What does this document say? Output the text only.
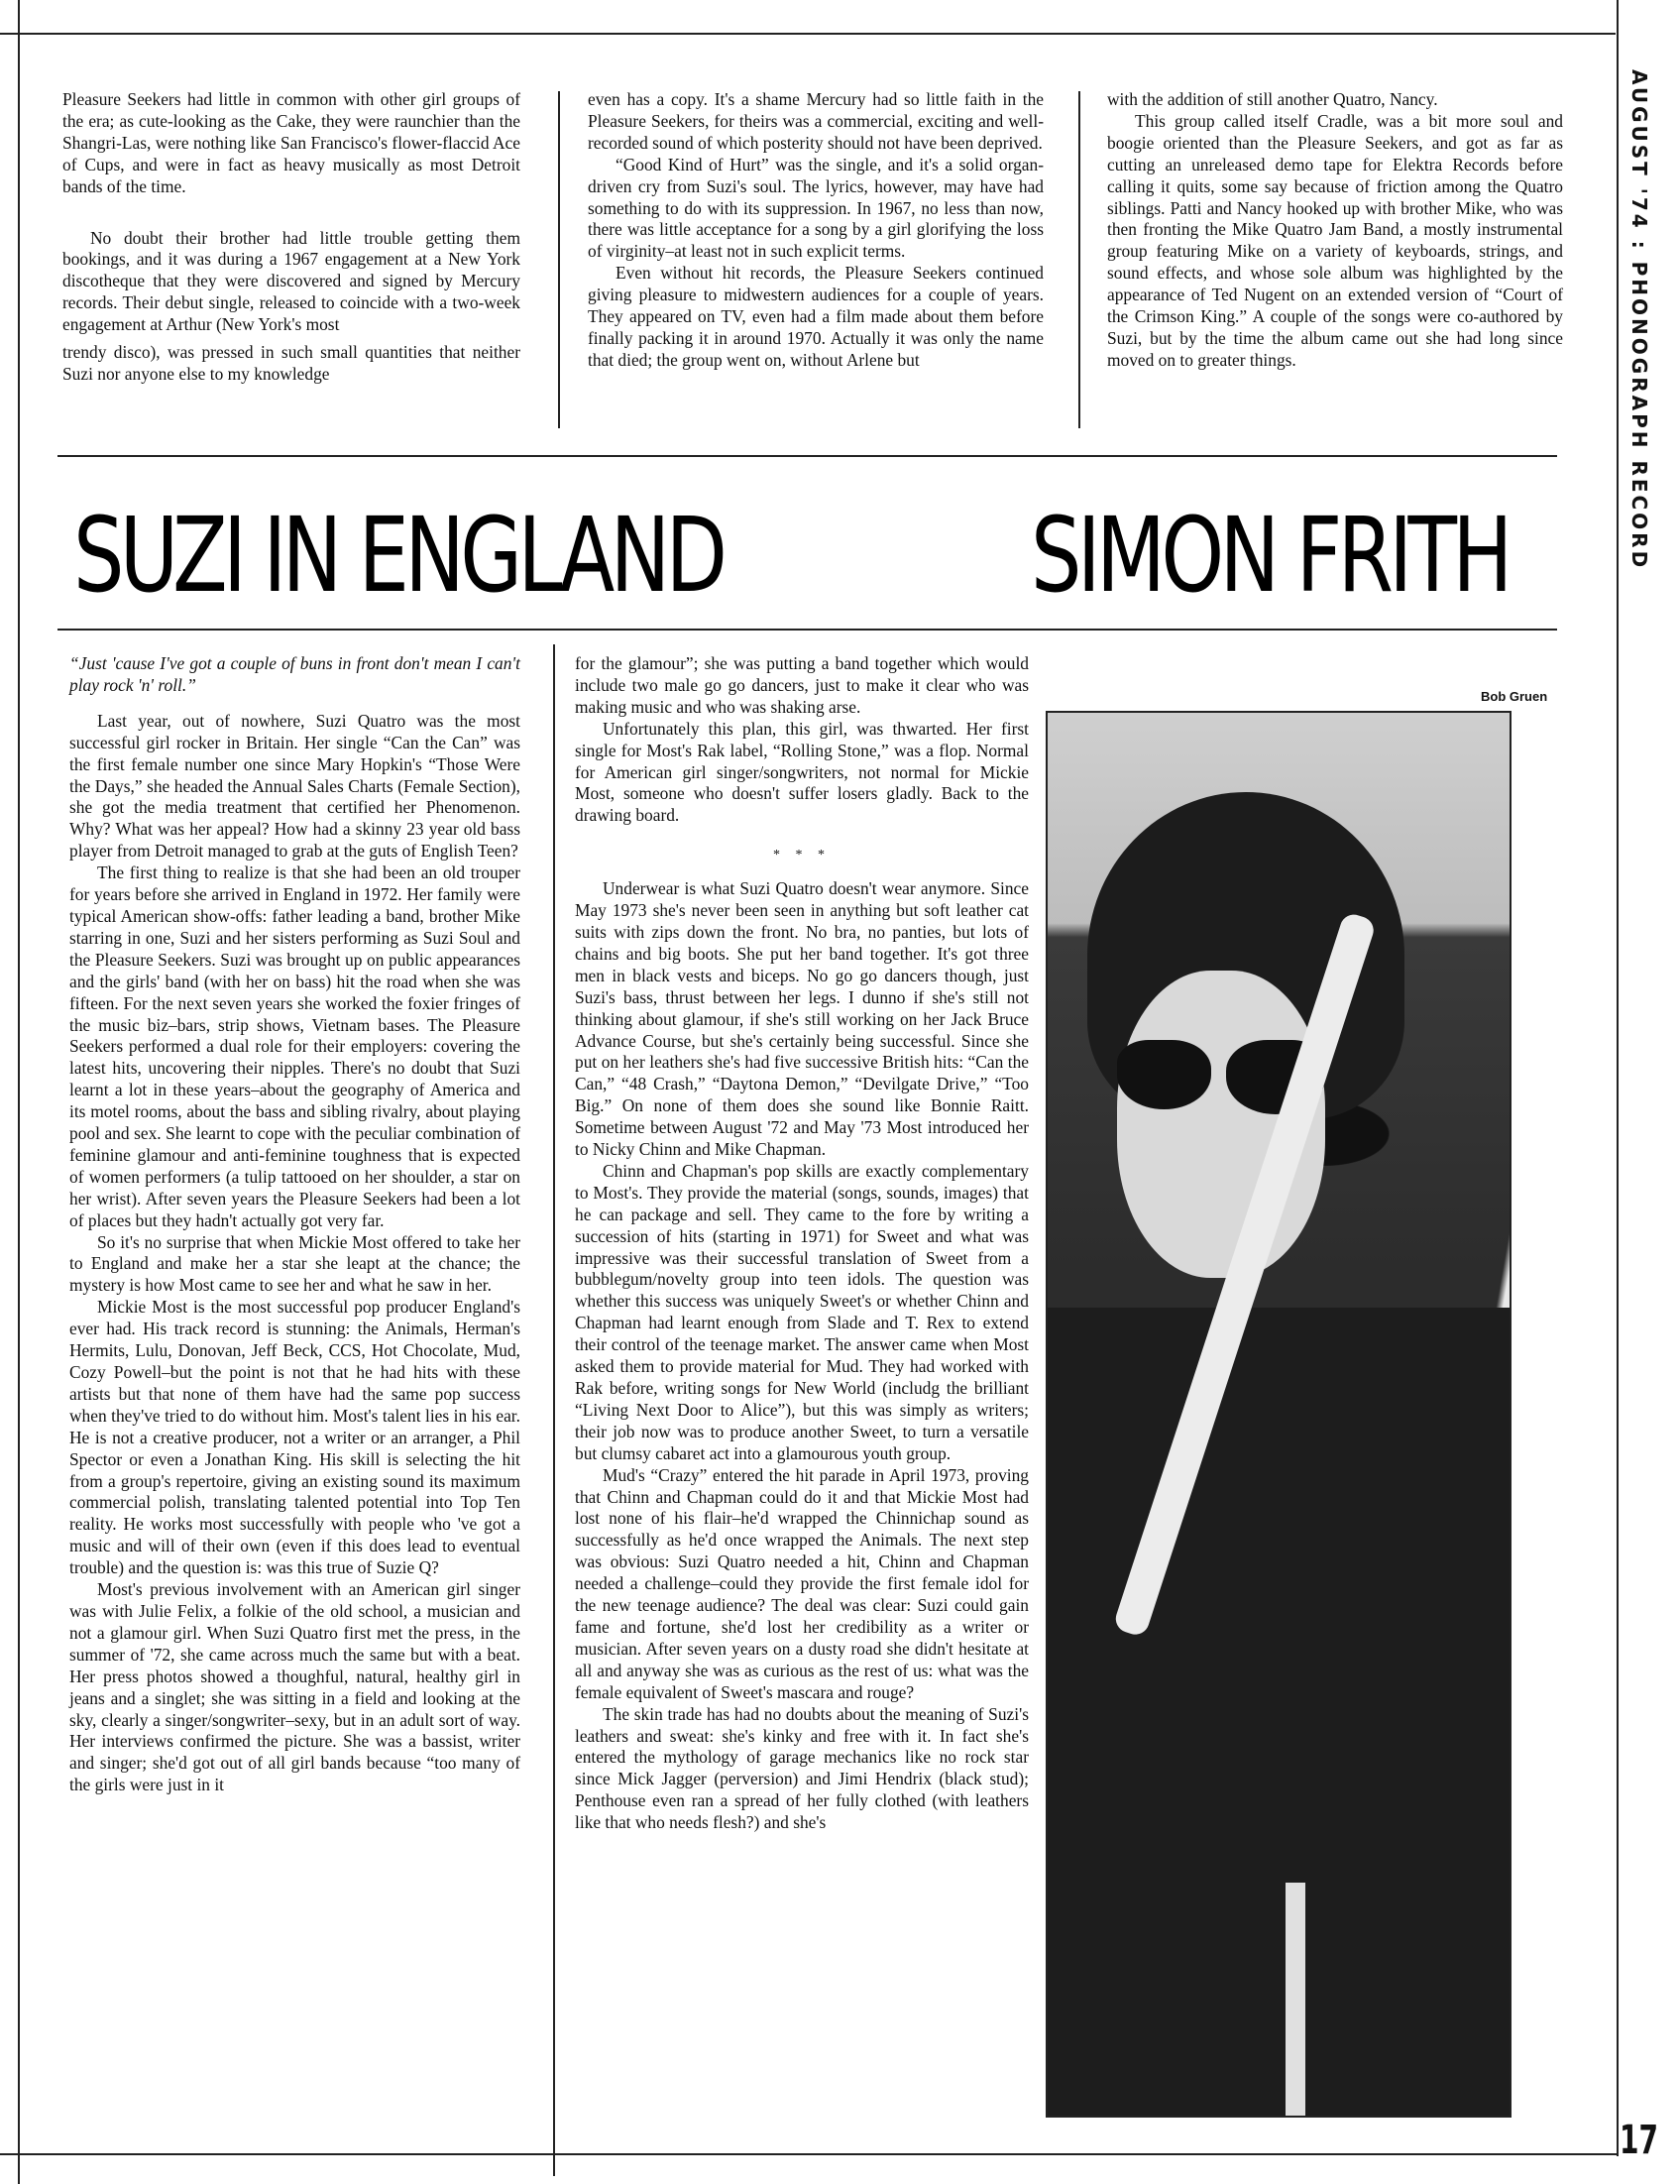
AUGUST '74 : PHONOGRAPH RECORD

Pleasure Seekers had little in common with other girl groups of the era; as cute-looking as the Cake, they were raunchier than the Shangri-Las, were nothing like San Francisco's flower-flaccid Ace of Cups, and were in fact as heavy musically as most Detroit bands of the time.

No doubt their brother had little trouble getting them bookings, and it was during a 1967 engagement at a New York discotheque that they were discovered and signed by Mercury records. Their debut single, released to coincide with a two-week engagement at Arthur (New York's most

trendy disco), was pressed in such small quantities that neither Suzi nor anyone else to my knowledge

even has a copy. It's a shame Mercury had so little faith in the Pleasure Seekers, for theirs was a commercial, exciting and well-recorded sound of which posterity should not have been deprived.

“Good Kind of Hurt” was the single, and it's a solid organ-driven cry from Suzi's soul. The lyrics, however, may have had something to do with its suppression. In 1967, no less than now, there was little acceptance for a song by a girl glorifying the loss of virginity–at least not in such explicit terms.

Even without hit records, the Pleasure Seekers continued giving pleasure to midwestern audiences for a couple of years. They appeared on TV, even had a film made about them before finally packing it in around 1970. Actually it was only the name that died; the group went on, without Arlene but

with the addition of still another Quatro, Nancy.

This group called itself Cradle, was a bit more soul and boogie oriented than the Pleasure Seekers, and got as far as cutting an unreleased demo tape for Elektra Records before calling it quits, some say because of friction among the Quatro siblings. Patti and Nancy hooked up with brother Mike, who was then fronting the Mike Quatro Jam Band, a mostly instrumental group featuring Mike on a variety of keyboards, strings, and sound effects, and whose sole album was highlighted by the appearance of Ted Nugent on an extended version of “Court of the Crimson King.” A couple of the songs were co-authored by Suzi, but by the time the album came out she had long since moved on to greater things.

SUZI IN ENGLAND	SIMON FRITH

“Just 'cause I've got a couple of buns in front don't mean I can't play rock 'n' roll.”

Last year, out of nowhere, Suzi Quatro was the most successful girl rocker in Britain. Her single “Can the Can” was the first female number one since Mary Hopkin's “Those Were the Days,” she headed the Annual Sales Charts (Female Section), she got the media treatment that certified her Phenomenon. Why? What was her appeal? How had a skinny 23 year old bass player from Detroit managed to grab at the guts of English Teen?

The first thing to realize is that she had been an old trouper for years before she arrived in England in 1972. Her family were typical American show-offs: father leading a band, brother Mike starring in one, Suzi and her sisters performing as Suzi Soul and the Pleasure Seekers. Suzi was brought up on public appearances and the girls' band (with her on bass) hit the road when she was fifteen. For the next seven years she worked the foxier fringes of the music biz–bars, strip shows, Vietnam bases. The Pleasure Seekers performed a dual role for their employers: covering the latest hits, uncovering their nipples. There's no doubt that Suzi learnt a lot in these years–about the geography of America and its motel rooms, about the bass and sibling rivalry, about playing pool and sex. She learnt to cope with the peculiar combination of feminine glamour and anti-feminine toughness that is expected of women performers (a tulip tattooed on her shoulder, a star on her wrist). After seven years the Pleasure Seekers had been a lot of places but they hadn't actually got very far.

So it's no surprise that when Mickie Most offered to take her to England and make her a star she leapt at the chance; the mystery is how Most came to see her and what he saw in her.

Mickie Most is the most successful pop producer England's ever had. His track record is stunning: the Animals, Herman's Hermits, Lulu, Donovan, Jeff Beck, CCS, Hot Chocolate, Mud, Cozy Powell–but the point is not that he had hits with these artists but that none of them have had the same pop success when they've tried to do without him. Most's talent lies in his ear. He is not a creative producer, not a writer or an arranger, a Phil Spector or even a Jonathan King. His skill is selecting the hit from a group's repertoire, giving an existing sound its maximum commercial polish, translating talented potential into Top Ten reality. He works most successfully with people who 've got a music and will of their own (even if this does lead to eventual trouble) and the question is: was this true of Suzie Q?

Most's previous involvement with an American girl singer was with Julie Felix, a folkie of the old school, a musician and not a glamour girl. When Suzi Quatro first met the press, in the summer of '72, she came across much the same but with a beat. Her press photos showed a thoughful, natural, healthy girl in jeans and a singlet; she was sitting in a field and looking at the sky, clearly a singer/songwriter–sexy, but in an adult sort of way. Her interviews confirmed the picture. She was a bassist, writer and singer; she'd got out of all girl bands because “too many of the girls were just in it

for the glamour”; she was putting a band together which would include two male go go dancers, just to make it clear who was making music and who was shaking arse.

Unfortunately this plan, this girl, was thwarted. Her first single for Most's Rak label, “Rolling Stone,” was a flop. Normal for American girl singer/songwriters, not normal for Mickie Most, someone who doesn't suffer losers gladly. Back to the drawing board.

* * *

Underwear is what Suzi Quatro doesn't wear anymore. Since May 1973 she's never been seen in anything but soft leather cat suits with zips down the front. No bra, no panties, but lots of chains and big boots. She put her band together. It's got three men in black vests and biceps. No go go dancers though, just Suzi's bass, thrust between her legs. I dunno if she's still not thinking about glamour, if she's still working on her Jack Bruce Advance Course, but she's certainly being successful. Since she put on her leathers she's had five successive British hits: “Can the Can,” “48 Crash,” “Daytona Demon,” “Devilgate Drive,” “Too Big.” On none of them does she sound like Bonnie Raitt. Sometime between August '72 and May '73 Most introduced her to Nicky Chinn and Mike Chapman.

Chinn and Chapman's pop skills are exactly complementary to Most's. They provide the material (songs, sounds, images) that he can package and sell. They came to the fore by writing a succession of hits (starting in 1971) for Sweet and what was impressive was their successful translation of Sweet from a bubblegum/novelty group into teen idols. The question was whether this success was uniquely Sweet's or whether Chinn and Chapman had learnt enough from Slade and T. Rex to extend their control of the teenage market. The answer came when Most asked them to provide material for Mud. They had worked with Rak before, writing songs for New World (includg the brilliant “Living Next Door to Alice”), but this was simply as writers; their job now was to produce another Sweet, to turn a versatile but clumsy cabaret act into a glamourous youth group.

Mud's “Crazy” entered the hit parade in April 1973, proving that Chinn and Chapman could do it and that Mickie Most had lost none of his flair–he'd wrapped the Chinnichap sound as successfully as he'd once wrapped the Animals. The next step was obvious: Suzi Quatro needed a hit, Chinn and Chapman needed a challenge–could they provide the first female idol for the new teenage audience? The deal was clear: Suzi could gain fame and fortune, she'd lost her credibility as a writer or musician. After seven years on a dusty road she didn't hesitate at all and anyway she was as curious as the rest of us: what was the female equivalent of Sweet's mascara and rouge?

The skin trade has had no doubts about the meaning of Suzi's leathers and sweat: she's kinky and free with it. In fact she's entered the mythology of garage mechanics like no rock star since Mick Jagger (perversion) and Jimi Hendrix (black stud); Penthouse even ran a spread of her fully clothed (with leathers like that who needs flesh?) and she's

Bob Gruen
17
